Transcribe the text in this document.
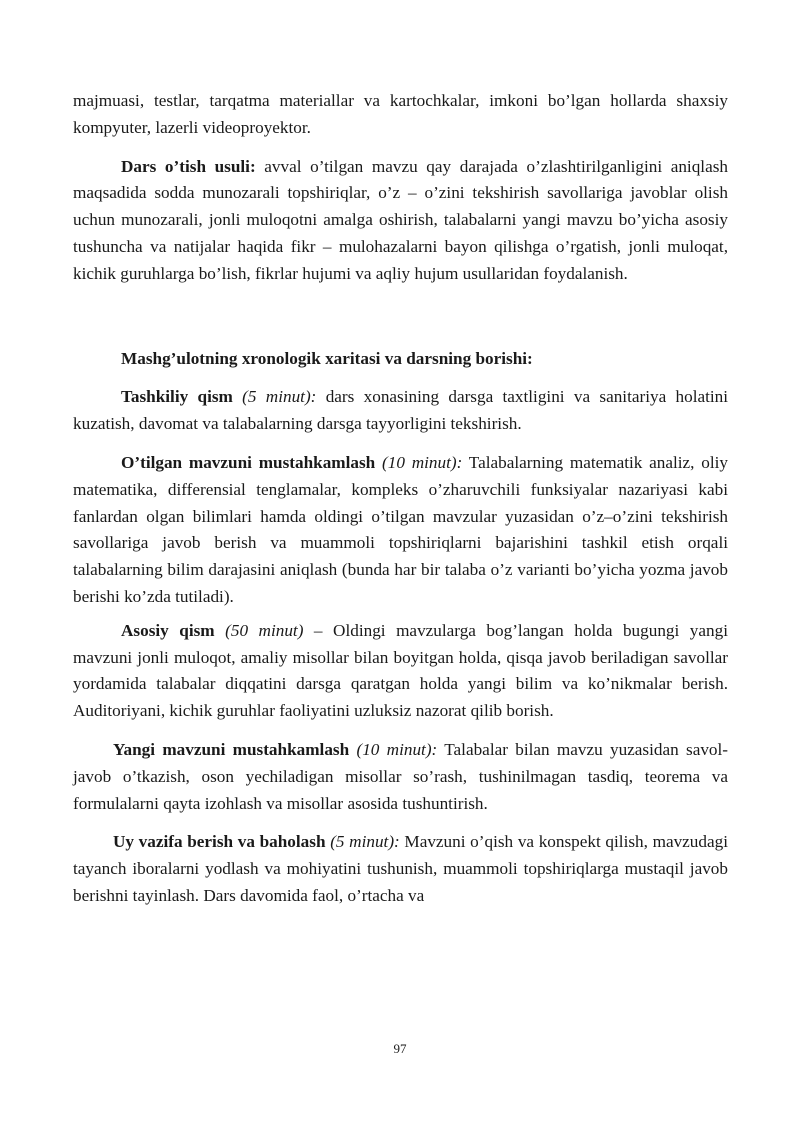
majmuasi, testlar, tarqatma materiallar va kartochkalar, imkoni bo’lgan hollarda shaxsiy kompyuter, lazerli videoproyektor.

Dars o’tish usuli: avval o’tilgan mavzu qay darajada o’zlashtirilganligini aniqlash maqsadida sodda munozarali topshiriqlar, o’z – o’zini tekshirish savollariga javoblar olish uchun munozarali, jonli muloqotni amalga oshirish, talabalarni yangi mavzu bo’yicha asosiy tushuncha va natijalar haqida fikr – mulohazalarni bayon qilishga o’rgatish, jonli muloqat, kichik guruhlarga bo’lish, fikrlar hujumi va aqliy hujum usullaridan foydalanish.

Mashg’ulotning xronologik xaritasi va darsning borishi:

Tashkiliy qism (5 minut): dars xonasining darsga taxtligini va sanitariya holatini kuzatish, davomat va talabalarning darsga tayyorligini tekshirish.

O’tilgan mavzuni mustahkamlash (10 minut): Talabalarning matematik analiz, oliy matematika, differensial tenglamalar, kompleks o’zharuvchili funksiyalar nazariyasi kabi fanlardan olgan bilimlari hamda oldingi o’tilgan mavzular yuzasidan o’z–o’zini tekshirish savollariga javob berish va muammoli topshiriqlarni bajarishini tashkil etish orqali talabalarning bilim darajasini aniqlash (bunda har bir talaba o’z varianti bo’yicha yozma javob berishi ko’zda tutiladi).

Asosiy qism (50 minut) – Oldingi mavzularga bog’langan holda bugungi yangi mavzuni jonli muloqot, amaliy misollar bilan boyitgan holda, qisqa javob beriladigan savollar yordamida talabalar diqqatini darsga qaratgan holda yangi bilim va ko’nikmalar berish. Auditoriyani, kichik guruhlar faoliyatini uzluksiz nazorat qilib borish.

Yangi mavzuni mustahkamlash (10 minut): Talabalar bilan mavzu yuzasidan savol-javob o’tkazish, oson yechiladigan misollar so’rash, tushinilmagan tasdiq, teorema va formulalarni qayta izohlash va misollar asosida tushuntirish.

Uy vazifa berish va baholash (5 minut): Mavzuni o’qish va konspekt qilish, mavzudagi tayanch iboralarni yodlash va mohiyatini tushunish, muammoli topshiriqlarga mustaqil javob berishni tayinlash. Dars davomida faol, o’rtacha va

97
